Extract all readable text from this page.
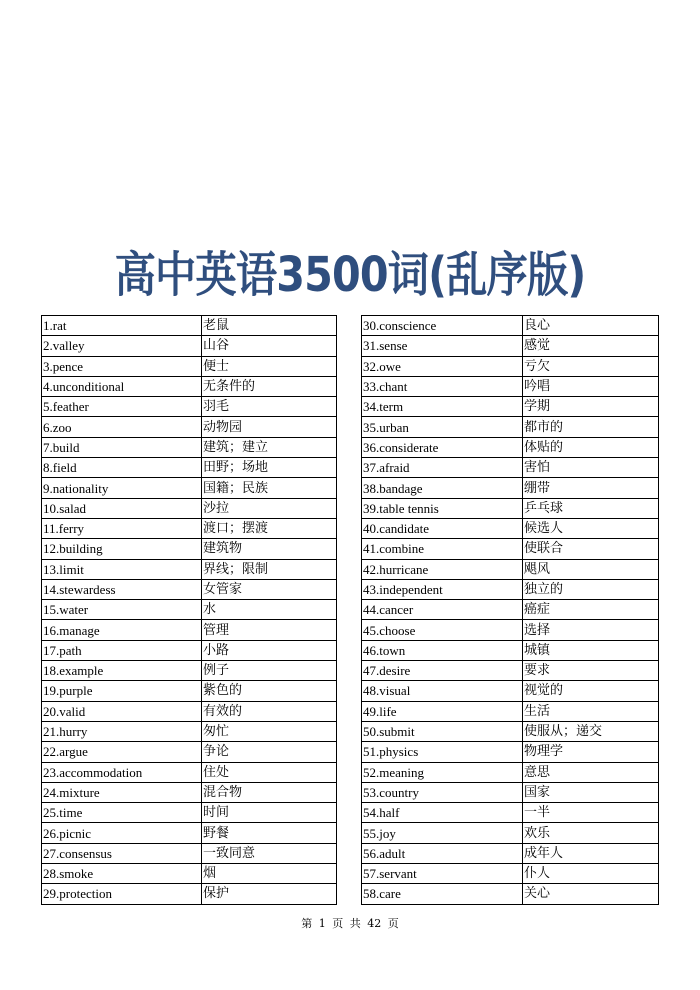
高中英语3500词(乱序版)
1.rat	老鼠
2.valley	山谷
3.pence	便士
4.unconditional	无条件的
5.feather	羽毛
6.zoo	动物园
7.build	建筑；建立
8.field	田野；场地
9.nationality	国籍；民族
10.salad	沙拉
11.ferry	渡口；摆渡
12.building	建筑物
13.limit	界线；限制
14.stewardess	女管家
15.water	水
16.manage	管理
17.path	小路
18.example	例子
19.purple	紫色的
20.valid	有效的
21.hurry	匆忙
22.argue	争论
23.accommodation	住处
24.mixture	混合物
25.time	时间
26.picnic	野餐
27.consensus	一致同意
28.smoke	烟
29.protection	保护
30.conscience	良心
31.sense	感觉
32.owe	亏欠
33.chant	吟唱
34.term	学期
35.urban	都市的
36.considerate	体贴的
37.afraid	害怕
38.bandage	绷带
39.table tennis	乒乓球
40.candidate	候选人
41.combine	使联合
42.hurricane	飓风
43.independent	独立的
44.cancer	癌症
45.choose	选择
46.town	城镇
47.desire	要求
48.visual	视觉的
49.life	生活
50.submit	使服从；递交
51.physics	物理学
52.meaning	意思
53.country	国家
54.half	一半
55.joy	欢乐
56.adult	成年人
57.servant	仆人
58.care	关心
第 1 页 共 42 页
